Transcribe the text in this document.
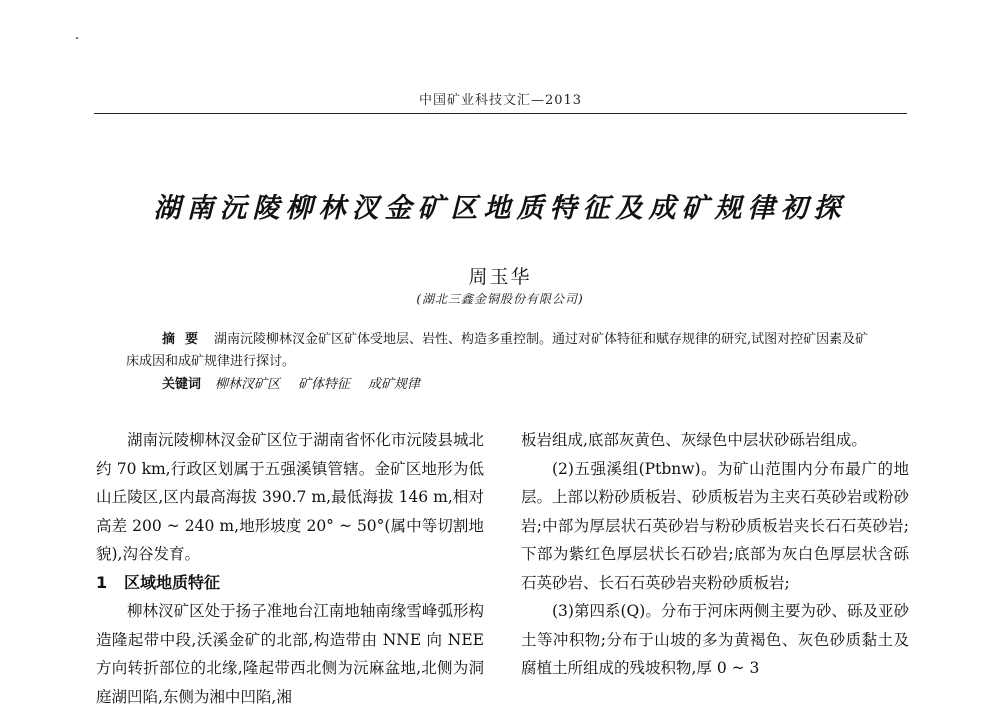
中国矿业科技文汇—2013
湖南沅陵柳林汊金矿区地质特征及成矿规律初探
周玉华
(湖北三鑫金铜股份有限公司)

摘要 湖南沅陵柳林汊金矿区矿体受地层、岩性、构造多重控制。通过对矿体特征和赋存规律的研究,试图对控矿因素及矿床成因和成矿规律进行探讨。

关键词 柳林汊矿区 矿体特征 成矿规律

湖南沅陵柳林汊金矿区位于湖南省怀化市沅陵县城北约 70 km,行政区划属于五强溪镇管辖。金矿区地形为低山丘陵区,区内最高海拔 390.7 m,最低海拔 146 m,相对高差 200 ~ 240 m,地形坡度 20° ~ 50°(属中等切割地貌),沟谷发育。

1 区域地质特征

柳林汊矿区处于扬子准地台江南地轴南缘雪峰弧形构造隆起带中段,沃溪金矿的北部,构造带由 NNE 向 NEE 方向转折部位的北缘,隆起带西北侧为沅麻盆地,北侧为洞庭湖凹陷,东侧为湘中凹陷,湘

板岩组成,底部灰黄色、灰绿色中层状砂砾岩组成。

(2)五强溪组(Ptbnw)。为矿山范围内分布最广的地层。上部以粉砂质板岩、砂质板岩为主夹石英砂岩或粉砂岩;中部为厚层状石英砂岩与粉砂质板岩夹长石石英砂岩;下部为紫红色厚层状长石砂岩;底部为灰白色厚层状含砾石英砂岩、长石石英砂岩夹粉砂质板岩;

(3)第四系(Q)。分布于河床两侧主要为砂、砾及亚砂土等冲积物;分布于山坡的多为黄褐色、灰色砂质黏土及腐植土所组成的残坡积物,厚 0 ~ 3
